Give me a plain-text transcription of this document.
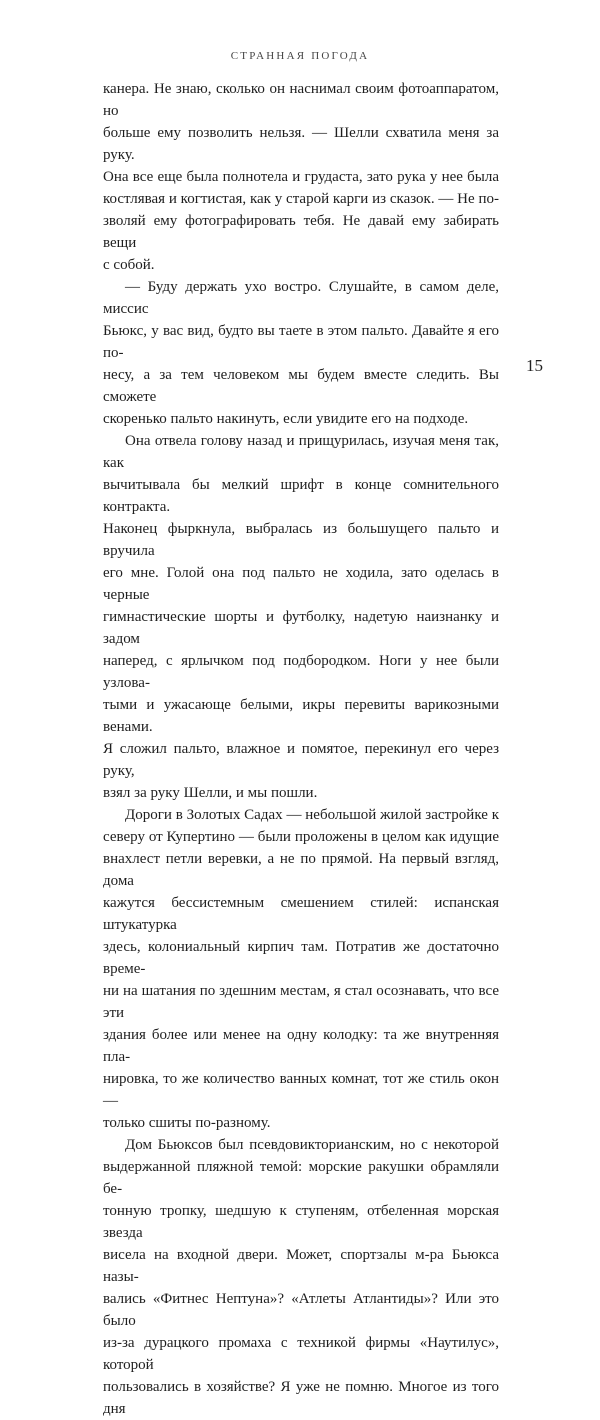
СТРАННАЯ ПОГОДА

канера. Не знаю, сколько он наснимал своим фотоаппаратом, но

больше ему позволить нельзя. — Шелли схватила меня за руку.

Она все еще была полнотела и грудаста, зато рука у нее была

костлявая и когтистая, как у старой карги из сказок. — Не по-

зволяй ему фотографировать тебя. Не давай ему забирать вещи

с собой.

— Буду держать ухо востро. Слушайте, в самом деле, миссис

Бьюкс, у вас вид, будто вы таете в этом пальто. Давайте я его по-

несу, а за тем человеком мы будем вместе следить. Вы сможете

скоренько пальто накинуть, если увидите его на подходе.

Она отвела голову назад и прищурилась, изучая меня так, как

вычитывала бы мелкий шрифт в конце сомнительного контракта.

Наконец фыркнула, выбралась из большущего пальто и вручила

его мне. Голой она под пальто не ходила, зато оделась в черные

гимнастические шорты и футболку, надетую наизнанку и задом

наперед, с ярлычком под подбородком. Ноги у нее были узлова-

тыми и ужасающе белыми, икры перевиты варикозными венами.

Я сложил пальто, влажное и помятое, перекинул его через руку,

взял за руку Шелли, и мы пошли.

Дороги в Золотых Садах — небольшой жилой застройке к

северу от Купертино — были проложены в целом как идущие

внахлест петли веревки, а не по прямой. На первый взгляд, дома

кажутся бессистемным смешением стилей: испанская штукатурка

здесь, колониальный кирпич там. Потратив же достаточно време-

ни на шатания по здешним местам, я стал осознавать, что все эти

здания более или менее на одну колодку: та же внутренняя пла-

нировка, то же количество ванных комнат, тот же стиль окон —

только сшиты по-разному.

Дом Бьюксов был псевдовикторианским, но с некоторой

выдержанной пляжной темой: морские ракушки обрамляли бе-

тонную тропку, шедшую к ступеням, отбеленная морская звезда

висела на входной двери. Может, спортзалы м-ра Бьюкса назы-

вались «Фитнес Нептуна»? «Атлеты Атлантиды»? Или это было

из-за дурацкого промаха с техникой фирмы «Наутилус», которой

пользовались в хозяйстве? Я уже не помню. Многое из того дня

15
